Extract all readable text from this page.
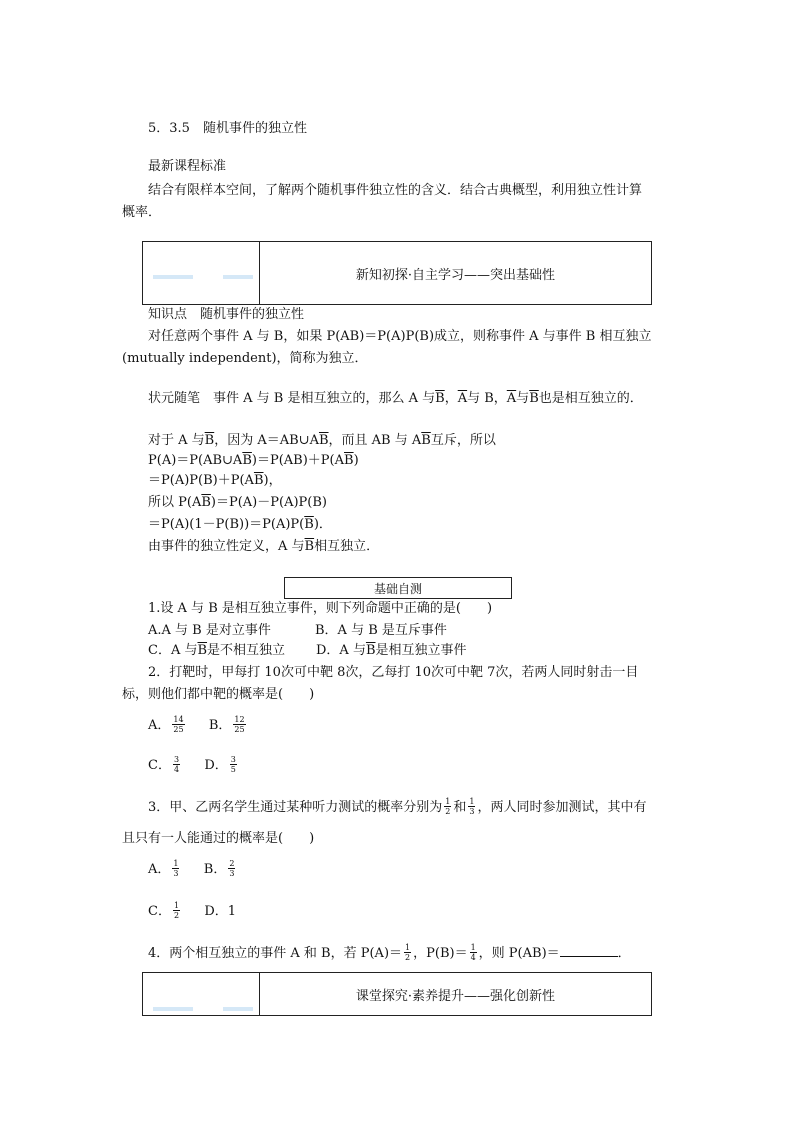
5．3.5　随机事件的独立性
最新课程标准
结合有限样本空间，了解两个随机事件独立性的含义．结合古典概型，利用独立性计算
概率．
新知初探·自主学习——突出基础性
知识点　随机事件的独立性
对任意两个事件 A 与 B，如果 P(AB)＝P(A)P(B)成立，则称事件 A 与事件 B 相互独立
(mutually independent)，简称为独立．
状元随笔　事件 A 与 B 是相互独立的，那么 A 与$\overline{B}$，$\overline{A}$与 B，$\overline{A}$与$\overline{B}$也是相互独立的．
对于 A 与$\overline{B}$，因为 $A=AB\cup A\overline{B}$，而且 AB 与 $A\overline{B}$互斥，所以
$P(A)=P(AB\cup A\overline{B})=P(AB)+P(A\overline{B})$
$=P(A)P(B)+P(A\overline{B})$，
所以 $P(A\overline{B})=P(A)-P(A)P(B)$
$=P(A)(1-P(B))=P(A)P(\overline{B})$．
由事件的独立性定义，A 与$\overline{B}$相互独立．
基础自测
1.设 A 与 B 是相互独立事件，则下列命题中正确的是(　　)
A.A 与 B 是对立事件	B．A 与 B 是互斥事件
C．A 与$\overline{B}$是不相互独立 D．A 与$\overline{B}$是相互独立事件
2．打靶时，甲每打 10次可中靶 8次，乙每打 10次可中靶 7次，若两人同时射击一目
标，则他们都中靶的概率是(　　)
A． $\frac{14}{25}$ B． $\frac{12}{25}$
C． $\frac{3}{4}$ D． $\frac{3}{5}$
3．甲、乙两名学生通过某种听力测试的概率分别为 $\frac{1}{2}$ 和 $\frac{1}{3}$ ，两人同时参加测试，其中有
且只有一人能通过的概率是(　　)
A． $\frac{1}{3}$ B． $\frac{2}{3}$
C． $\frac{1}{2}$ D．1
4．两个相互独立的事件 A 和 B，若 $P(A)= \frac{1}{2}$ ，$P(B)= \frac{1}{4}$ ，则 P(AB)＝	．
课堂探究·素养提升——强化创新性
